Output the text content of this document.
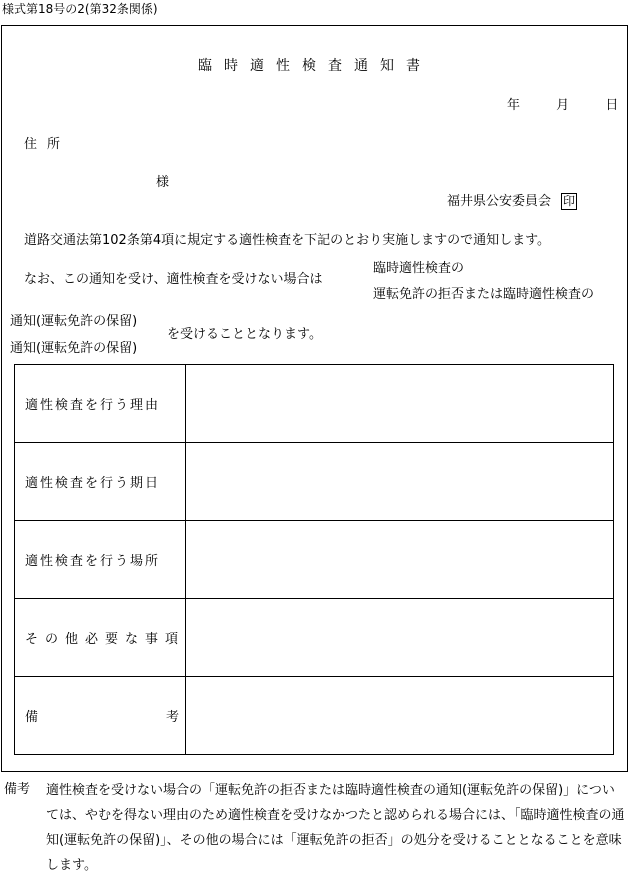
様式第18号の2(第32条関係)
臨時適性検査通知書
年	月	日
住所
様
福井県公安委員会 印
道路交通法第102条第4項に規定する適性検査を下記のとおり実施しますので通知します。
なお、この通知を受け、適性検査を受けない場合は
臨時適性検査の
運転免許の拒否または臨時適性検査の
通知(運転免許の保留)
通知(運転免許の保留)
を受けることとなります。
適性検査を行う理由	
適性検査を行う期日	
適性検査を行う場所	
その他必要な事項	

備 考	

備考 適性検査を受けない場合の「運転免許の拒否または臨時適性検査の通知(運転免許の保留)」については、やむを得ない理由のため適性検査を受けなかつたと認められる場合には、「臨時適性検査の通知(運転免許の保留)」、その他の場合には「運転免許の拒否」の処分を受けることとなることを意味します。
